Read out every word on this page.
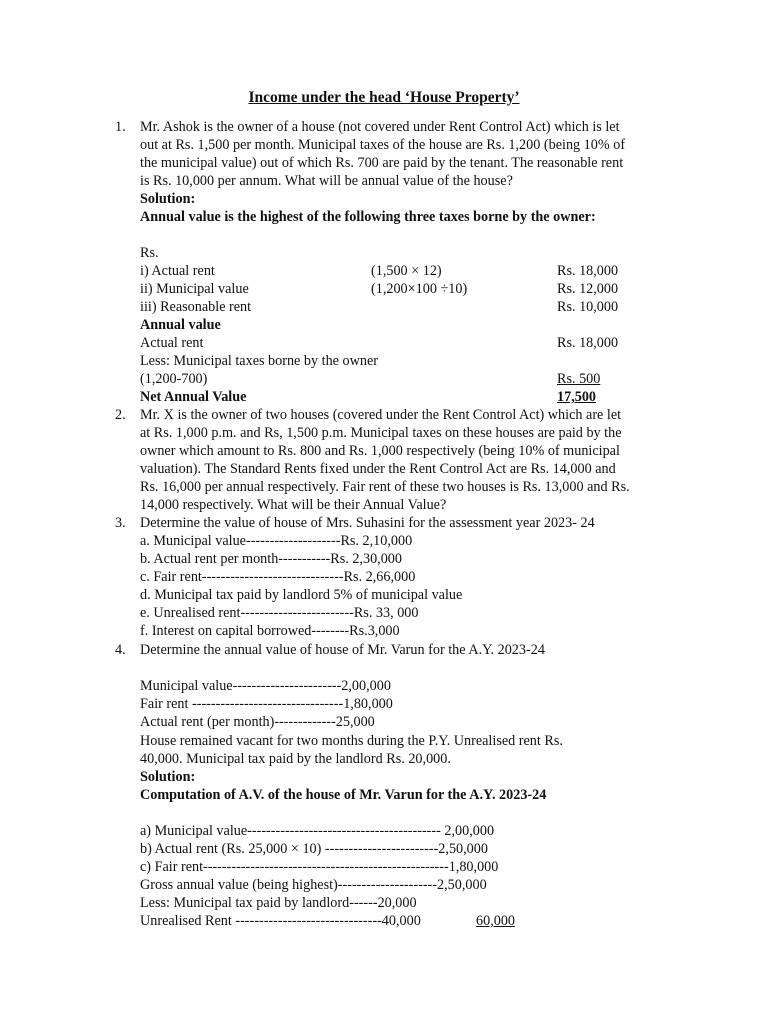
Income under the head ‘House Property’
1. Mr. Ashok is the owner of a house (not covered under Rent Control Act) which is let
out at Rs. 1,500 per month. Municipal taxes of the house are Rs. 1,200 (being 10% of
the municipal value) out of which Rs. 700 are paid by the tenant. The reasonable rent
is Rs. 10,000 per annum. What will be annual value of the house?
Solution:
Annual value is the highest of the following three taxes borne by the owner:
Rs.
i) Actual rent	(1,500 × 12)	Rs. 18,000
ii) Municipal value	(1,200×100 ÷10)	Rs. 12,000
iii) Reasonable rent	Rs. 10,000
Annual value
Actual rent	Rs. 18,000
Less: Municipal taxes borne by the owner
(1,200-700)	Rs. 500
Net Annual Value	17,500
2. Mr. X is the owner of two houses (covered under the Rent Control Act) which are let
at Rs. 1,000 p.m. and Rs, 1,500 p.m. Municipal taxes on these houses are paid by the
owner which amount to Rs. 800 and Rs. 1,000 respectively (being 10% of municipal
valuation). The Standard Rents fixed under the Rent Control Act are Rs. 14,000 and
Rs. 16,000 per annual respectively. Fair rent of these two houses is Rs. 13,000 and Rs.
14,000 respectively. What will be their Annual Value?
3. Determine the value of house of Mrs. Suhasini for the assessment year 2023- 24
a. Municipal value--------------------Rs. 2,10,000
b. Actual rent per month-----------Rs. 2,30,000
c. Fair rent------------------------------Rs. 2,66,000
d. Municipal tax paid by landlord 5% of municipal value
e. Unrealised rent------------------------Rs. 33, 000
f. Interest on capital borrowed--------Rs.3,000
4. Determine the annual value of house of Mr. Varun for the A.Y. 2023-24
Municipal value-----------------------2,00,000
Fair rent --------------------------------1,80,000
Actual rent (per month)-------------25,000
House remained vacant for two months during the P.Y. Unrealised rent Rs.
40,000. Municipal tax paid by the landlord Rs. 20,000.
Solution:
Computation of A.V. of the house of Mr. Varun for the A.Y. 2023-24
a) Municipal value----------------------------------------- 2,00,000
b) Actual rent (Rs. 25,000 × 10) ------------------------2,50,000
c) Fair rent----------------------------------------------------1,80,000
Gross annual value (being highest)---------------------2,50,000
Less: Municipal tax paid by landlord------20,000
Unrealised Rent -------------------------------40,000	60,000
